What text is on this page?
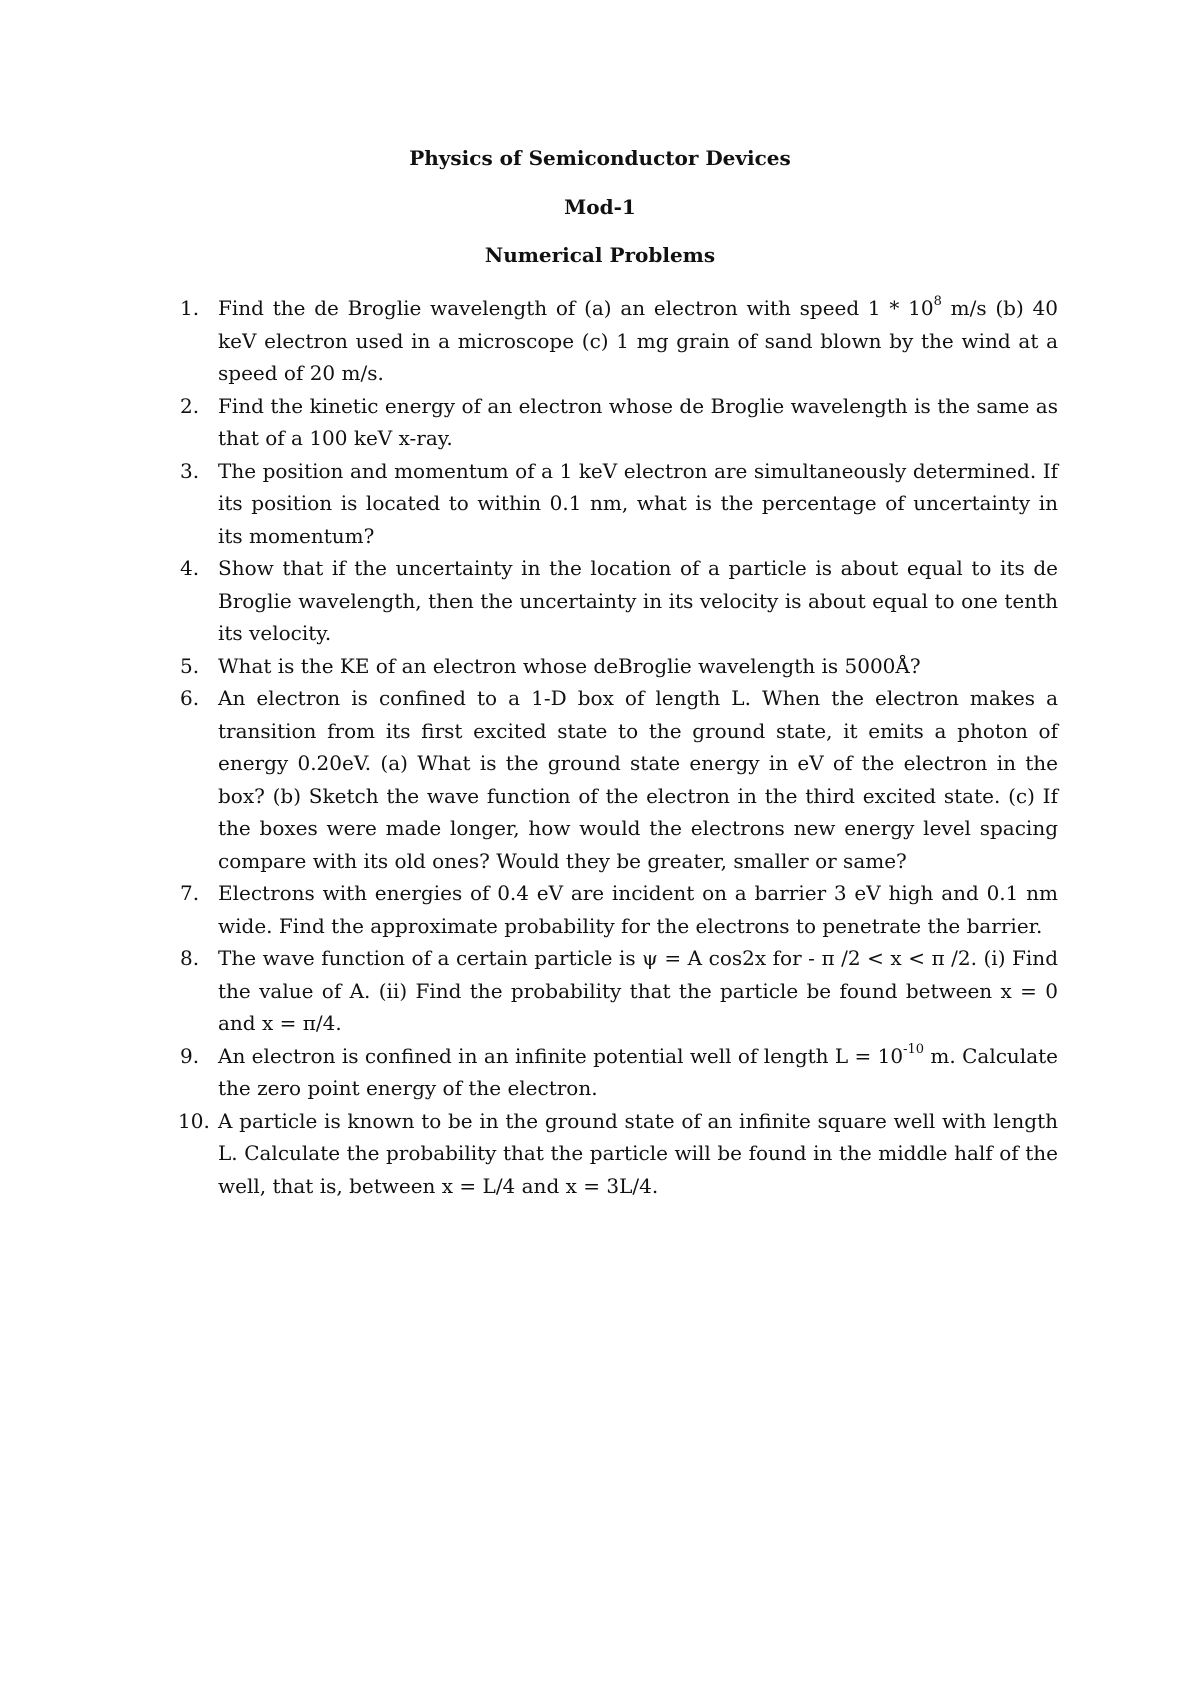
Physics of Semiconductor Devices

Mod-1

Numerical Problems

1. Find the de Broglie wavelength of (a) an electron with speed $1 * 10^8$ m/s (b) 40 keV electron used in a microscope (c) 1 mg grain of sand blown by the wind at a speed of 20 m/s.
2. Find the kinetic energy of an electron whose de Broglie wavelength is the same as that of a 100 keV x-ray.
3. The position and momentum of a 1 keV electron are simultaneously determined. If its position is located to within 0.1 nm, what is the percentage of uncertainty in its momentum?
4. Show that if the uncertainty in the location of a particle is about equal to its de Broglie wavelength, then the uncertainty in its velocity is about equal to one tenth its velocity.
5. What is the KE of an electron whose deBroglie wavelength is 5000Å?
6. An electron is confined to a 1-D box of length L. When the electron makes a transition from its first excited state to the ground state, it emits a photon of energy 0.20eV. (a) What is the ground state energy in eV of the electron in the box? (b) Sketch the wave function of the electron in the third excited state. (c) If the boxes were made longer, how would the electrons new energy level spacing compare with its old ones? Would they be greater, smaller or same?
7. Electrons with energies of 0.4 eV are incident on a barrier 3 eV high and 0.1 nm wide. Find the approximate probability for the electrons to penetrate the barrier.
8. The wave function of a certain particle is ψ = A cos2x for - π /2 < x < π /2. (i) Find the value of A. (ii) Find the probability that the particle be found between x = 0 and x = π/4.
9. An electron is confined in an infinite potential well of length $L = 10^{-10}$ m. Calculate the zero point energy of the electron.
10. A particle is known to be in the ground state of an infinite square well with length L. Calculate the probability that the particle will be found in the middle half of the well, that is, between x = L/4 and x = 3L/4.
